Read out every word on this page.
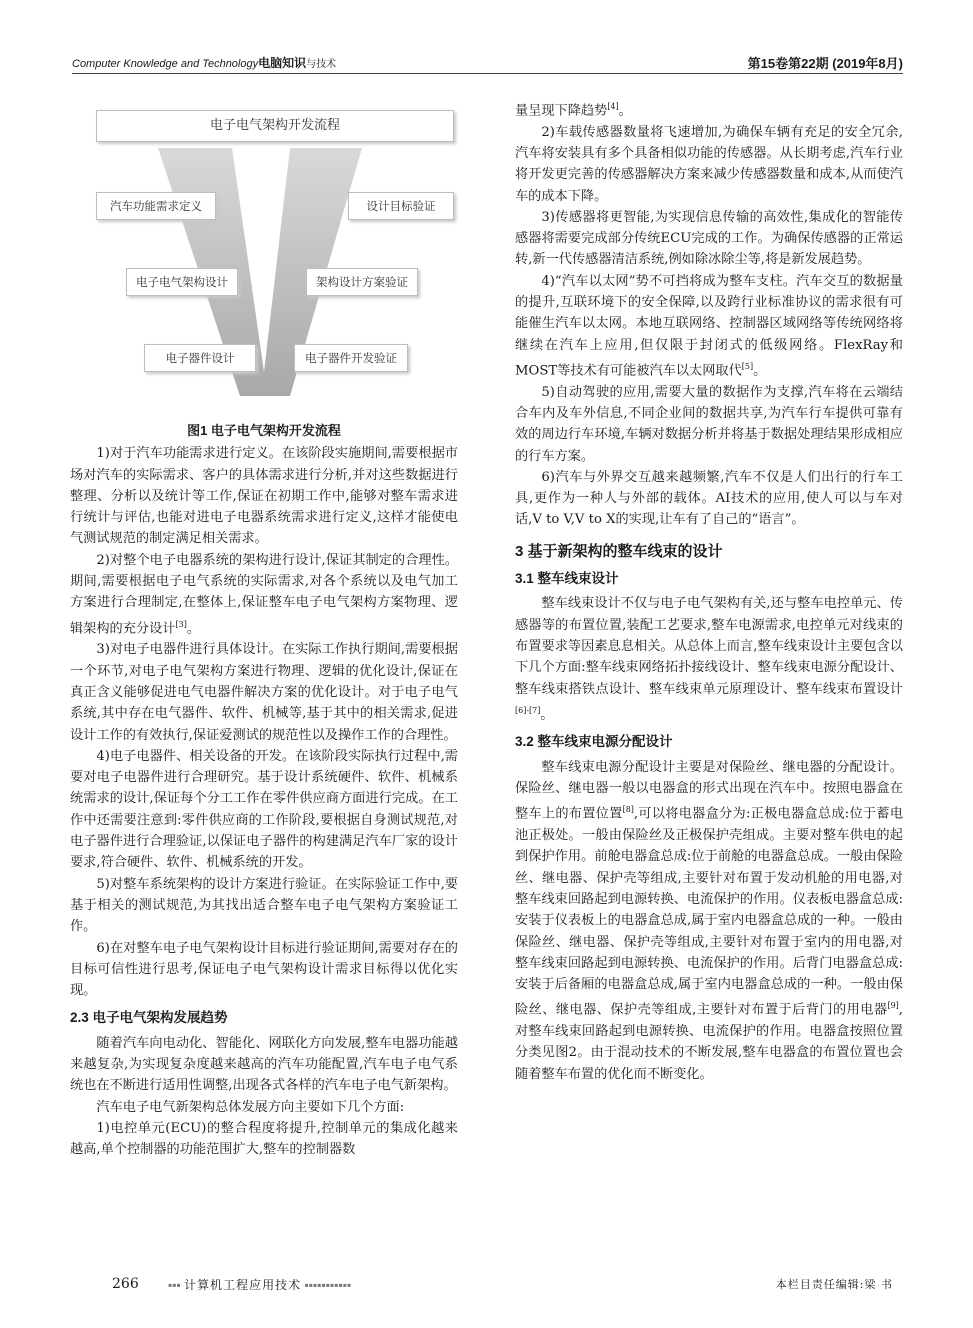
Computer Knowledge and Technology电脑知识与技术	第15卷第22期 (2019年8月)
电子电气架构开发流程
汽车功能需求定义
电子电气架构设计
电子器件设计
设计目标验证
架构设计方案验证
电子器件开发验证
图1 电子电气架构开发流程

1)对于汽车功能需求进行定义。在该阶段实施期间,需要根据市场对汽车的实际需求、客户的具体需求进行分析,并对这些数据进行整理、分析以及统计等工作,保证在初期工作中,能够对整车需求进行统计与评估,也能对进电子电器系统需求进行定义,这样才能使电气测试规范的制定满足相关需求。

2)对整个电子电器系统的架构进行设计,保证其制定的合理性。期间,需要根据电子电气系统的实际需求,对各个系统以及电气加工方案进行合理制定,在整体上,保证整车电子电气架构方案物理、逻辑架构的充分设计[3]。

3)对电子电器件进行具体设计。在实际工作执行期间,需要根据一个环节,对电子电气架构方案进行物理、逻辑的优化设计,保证在真正含义能够促进电气电器件解决方案的优化设计。对于电子电气系统,其中存在电气器件、软件、机械等,基于其中的相关需求,促进设计工作的有效执行,保证爱测试的规范性以及操作工作的合理性。

4)电子电器件、相关设备的开发。在该阶段实际执行过程中,需要对电子电器件进行合理研究。基于设计系统硬件、软件、机械系统需求的设计,保证每个分工工作在零件供应商方面进行完成。在工作中还需要注意到:零件供应商的工作阶段,要根据自身测试规范,对电子器件进行合理验证,以保证电子器件的构建满足汽车厂家的设计要求,符合硬件、软件、机械系统的开发。

5)对整车系统架构的设计方案进行验证。在实际验证工作中,要基于相关的测试规范,为其找出适合整车电子电气架构方案验证工作。

6)在对整车电子电气架构设计目标进行验证期间,需要对存在的目标可信性进行思考,保证电子电气架构设计需求目标得以优化实现。

2.3 电子电气架构发展趋势

随着汽车向电动化、智能化、网联化方向发展,整车电器功能越来越复杂,为实现复杂度越来越高的汽车功能配置,汽车电子电气系统也在不断进行适用性调整,出现各式各样的汽车电子电气新架构。

汽车电子电气新架构总体发展方向主要如下几个方面:

1)电控单元(ECU)的整合程度将提升,控制单元的集成化越来越高,单个控制器的功能范围扩大,整车的控制器数

量呈现下降趋势[4]。

2)车载传感器数量将飞速增加,为确保车辆有充足的安全冗余,汽车将安装具有多个具备相似功能的传感器。从长期考虑,汽车行业将开发更完善的传感器解决方案来减少传感器数量和成本,从而使汽车的成本下降。

3)传感器将更智能,为实现信息传输的高效性,集成化的智能传感器将需要完成部分传统ECU完成的工作。为确保传感器的正常运转,新一代传感器清洁系统,例如除冰除尘等,将是新发展趋势。

4)“汽车以太网”势不可挡将成为整车支柱。汽车交互的数据量的提升,互联环境下的安全保障,以及跨行业标准协议的需求很有可能催生汽车以太网。本地互联网络、控制器区域网络等传统网络将继续在汽车上应用,但仅限于封闭式的低级网络。FlexRay和MOST等技术有可能被汽车以太网取代[5]。

5)自动驾驶的应用,需要大量的数据作为支撑,汽车将在云端结合车内及车外信息,不同企业间的数据共享,为汽车行车提供可靠有效的周边行车环境,车辆对数据分析并将基于数据处理结果形成相应的行车方案。

6)汽车与外界交互越来越频繁,汽车不仅是人们出行的行车工具,更作为一种人与外部的载体。AI技术的应用,使人可以与车对话,V to V,V to X的实现,让车有了自己的“语言”。

3 基于新架构的整车线束的设计
3.1 整车线束设计

整车线束设计不仅与电子电气架构有关,还与整车电控单元、传感器等的布置位置,装配工艺要求,整车电源需求,电控单元对线束的布置要求等因素息息相关。从总体上而言,整车线束设计主要包含以下几个方面:整车线束网络拓扑接线设计、整车线束电源分配设计、整车线束搭铁点设计、整车线束单元原理设计、整车线束布置设计[6]-[7]。

3.2 整车线束电源分配设计

整车线束电源分配设计主要是对保险丝、继电器的分配设计。保险丝、继电器一般以电器盒的形式出现在汽车中。按照电器盒在整车上的布置位置[8],可以将电器盒分为:正极电器盒总成:位于蓄电池正极处。一般由保险丝及正极保护壳组成。主要对整车供电的起到保护作用。前舱电器盒总成:位于前舱的电器盒总成。一般由保险丝、继电器、保护壳等组成,主要针对布置于发动机舱的用电器,对整车线束回路起到电源转换、电流保护的作用。仪表板电器盒总成:安装于仪表板上的电器盒总成,属于室内电器盒总成的一种。一般由保险丝、继电器、保护壳等组成,主要针对布置于室内的用电器,对整车线束回路起到电源转换、电流保护的作用。后背门电器盒总成:安装于后备厢的电器盒总成,属于室内电器盒总成的一种。一般由保险丝、继电器、保护壳等组成,主要针对布置于后背门的用电器[9],对整车线束回路起到电源转换、电流保护的作用。电器盒按照位置分类见图2。由于混动技术的不断发展,整车电器盒的布置位置也会随着整车布置的优化而不断变化。

266 ▪▪▪ 计算机工程应用技术 ▪▪▪▪▪▪▪▪▪▪▪	本栏目责任编辑:梁 书
